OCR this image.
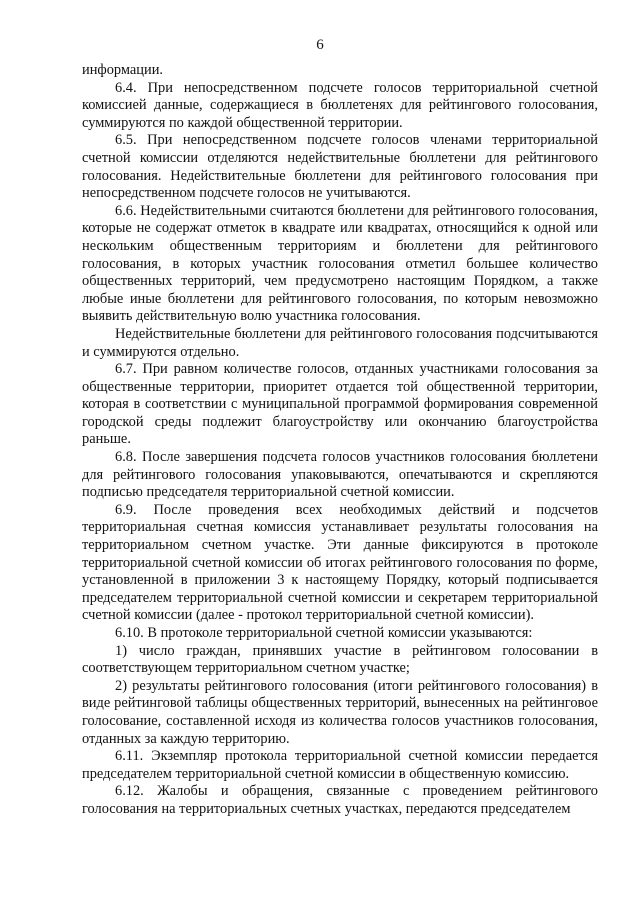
6

информации.

6.4. При непосредственном подсчете голосов территориальной счетной комиссией данные, содержащиеся в бюллетенях для рейтингового голосования, суммируются по каждой общественной территории.

6.5. При непосредственном подсчете голосов членами территориальной счетной комиссии отделяются недействительные бюллетени для рейтингового голосования. Недействительные бюллетени для рейтингового голосования при непосредственном подсчете голосов не учитываются.

6.6. Недействительными считаются бюллетени для рейтингового голосования, которые не содержат отметок в квадрате или квадратах, относящийся к одной или нескольким общественным территориям и бюллетени для рейтингового голосования, в которых участник голосования отметил большее количество общественных территорий, чем предусмотрено настоящим Порядком, а также любые иные бюллетени для рейтингового голосования, по которым невозможно выявить действительную волю участника голосования.

Недействительные бюллетени для рейтингового голосования подсчитываются и суммируются отдельно.

6.7. При равном количестве голосов, отданных участниками голосования за общественные территории, приоритет отдается той общественной территории, которая в соответствии с муниципальной программой формирования современной городской среды подлежит благоустройству или окончанию благоустройства раньше.

6.8. После завершения подсчета голосов участников голосования бюллетени для рейтингового голосования упаковываются, опечатываются и скрепляются подписью председателя территориальной счетной комиссии.

6.9. После проведения всех необходимых действий и подсчетов территориальная счетная комиссия устанавливает результаты голосования на территориальном счетном участке. Эти данные фиксируются в протоколе территориальной счетной комиссии об итогах рейтингового голосования по форме, установленной в приложении 3 к настоящему Порядку, который подписывается председателем территориальной счетной комиссии и секретарем территориальной счетной комиссии (далее - протокол территориальной счетной комиссии).

6.10. В протоколе территориальной счетной комиссии указываются:

1) число граждан, принявших участие в рейтинговом голосовании в соответствующем территориальном счетном участке;

2) результаты рейтингового голосования (итоги рейтингового голосования) в виде рейтинговой таблицы общественных территорий, вынесенных на рейтинговое голосование, составленной исходя из количества голосов участников голосования, отданных за каждую территорию.

6.11. Экземпляр протокола территориальной счетной комиссии передается председателем территориальной счетной комиссии в общественную комиссию.

6.12. Жалобы и обращения, связанные с проведением рейтингового голосования на территориальных счетных участках, передаются председателем
